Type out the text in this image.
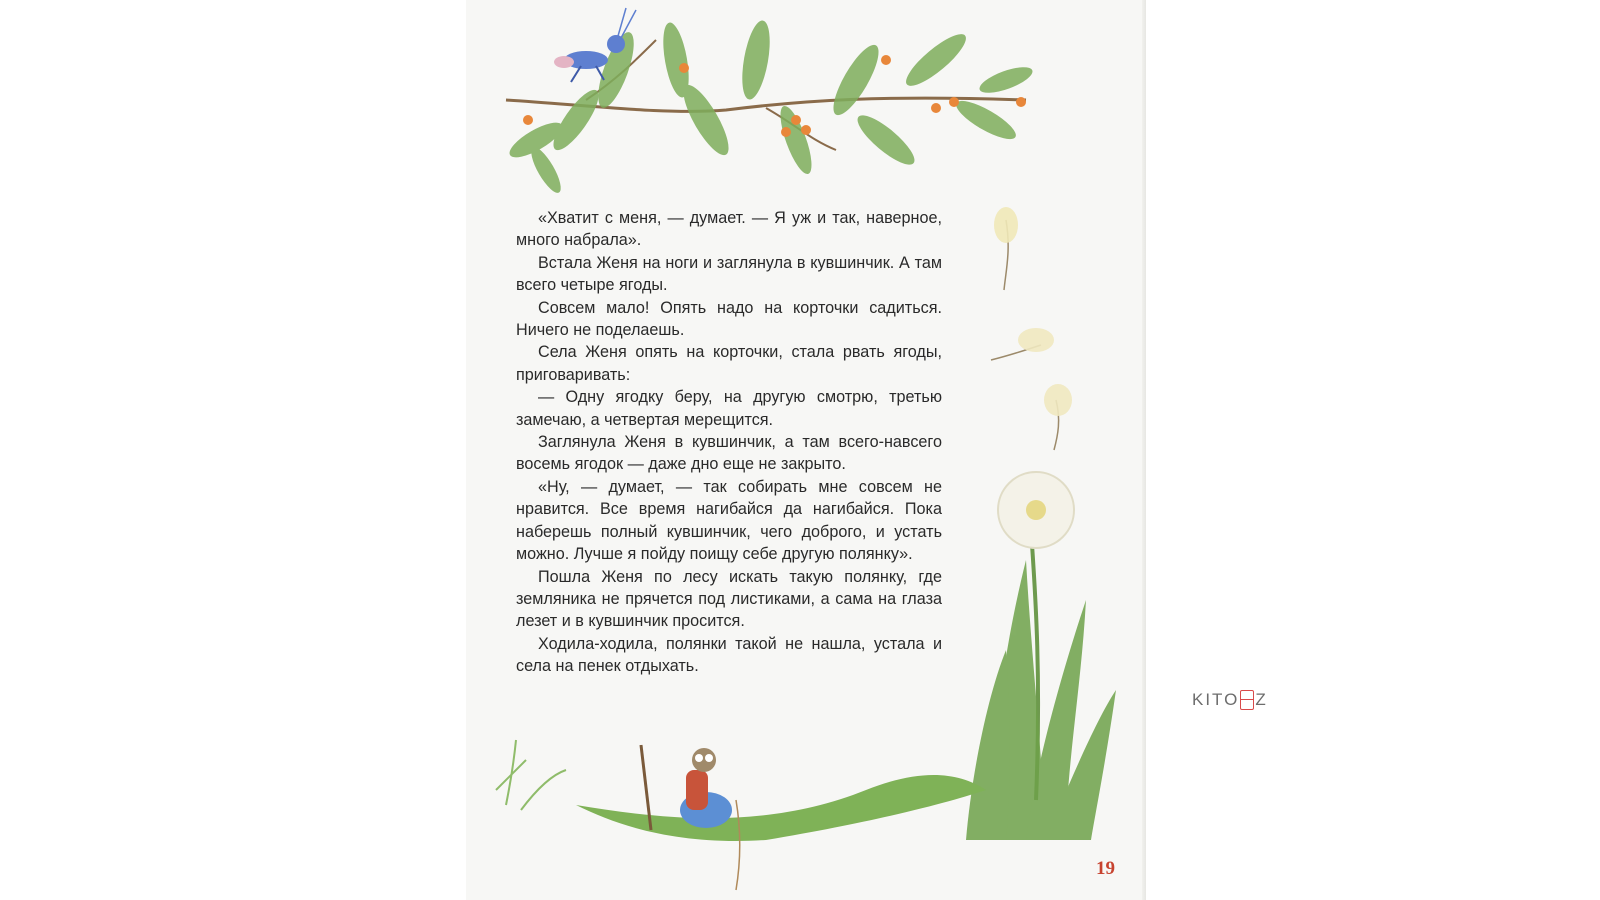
«Хватит с меня, — думает. — Я уж и так, наверное, много набрала».

Встала Женя на ноги и заглянула в кувшинчик. А там всего четыре ягоды.

Совсем мало! Опять надо на корточки садиться. Ничего не поделаешь.

Села Женя опять на корточки, стала рвать ягоды, приговаривать:

— Одну ягодку беру, на другую смотрю, третью замечаю, а четвертая мерещится.

Заглянула Женя в кувшинчик, а там всего-навсего восемь ягодок — даже дно еще не закрыто.

«Ну, — думает, — так собирать мне совсем не нравится. Все время нагибайся да нагибайся. Пока наберешь полный кувшинчик, чего доброго, и устать можно. Лучше я пойду поищу себе другую полянку».

Пошла Женя по лесу искать такую полянку, где земляника не прячется под листиками, а сама на глаза лезет и в кувшинчик просится.

Ходила-ходила, полянки такой не нашла, устала и села на пенек отдыхать.

19
KITO Z
